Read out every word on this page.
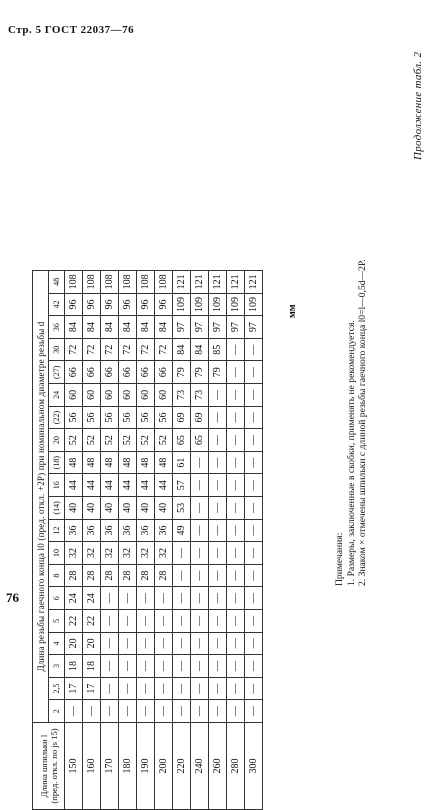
Стр. 5 ГОСТ 22037—76
Продолжение табл. 2
мм
Длина шпильки l (пред. откл. по js 15)	Длина резьбы гаечного конца l0 (пред. откл. +2P) при номинальном диаметре резьбы d																			
	2	2,5	3	4	5	6	8	10	12	(14)	16	(18)	20	(22)	24	(27)	30	36	42	48
150	—	17	18	20	22	24	28	32	36	40	44	48	52	56	60	66	72	84	96	108
160	—	17	18	20	22	24	28	32	36	40	44	48	52	56	60	66	72	84	96	108
170	—	—	—	—	—	—	28	32	36	40	44	48	52	56	60	66	72	84	96	108
180	—	—	—	—	—	—	28	32	36	40	44	48	52	56	60	66	72	84	96	108
190	—	—	—	—	—	—	28	32	36	40	44	48	52	56	60	66	72	84	96	108
200	—	—	—	—	—	—	28	32	36	40	44	48	52	56	60	66	72	84	96	108
220	—	—	—	—	—	—	—	—	49	53	57	61	65	69	73	79	84	97	109	121
240	—	—	—	—	—	—	—	—	—	—	—	—	65	69	73	79	84	97	109	121
260	—	—	—	—	—	—	—	—	—	—	—	—	—	—	—	79	85	97	109	121
280	—	—	—	—	—	—	—	—	—	—	—	—	—	—	—	—	—	97	109	121
300	—	—	—	—	—	—	—	—	—	—	—	—	—	—	—	—	—	97	109	121
Примечания: 1. Размеры, заключенные в скобки, применять не рекомендуется. 2. Знаком × отмечены шпильки с длиной резьбы гаечного конца l0=l—0,5d—2P.
76
